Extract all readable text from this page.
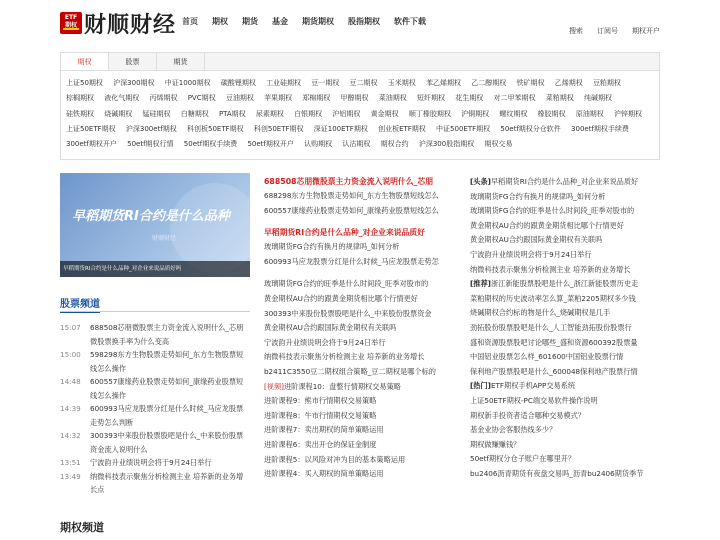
ETF
期权 财顺财经 首页 期权 期货 基金 期货期权 股指期权 软件下载
搜索 订阅号 期权开户
期权	股票	期货
上证50期权 沪深300期权 中证1000期权 碳酸锂期权 工业硅期权 豆一期权 豆二期权 玉米期权 苯乙烯期权 乙二醇期权 铁矿期权 乙烯期权 豆粕期权 棕榈期权 液化气期权 丙烯期权 PVC期权 豆油期权 苹果期权 郑棉期权 甲醇期权 菜油期权 短纤期权 花生期权 对二甲苯期权 菜粕期权 纯碱期权 硅铁期权 烧碱期权 锰硅期权 白糖期权 PTA期权 尿素期权 白银期权 沪铝期权 黄金期权 顺丁橡胶期权 沪铜期权 螺纹期权 橡胶期权 原油期权 沪锌期权 上证50ETF期权 沪深300etf期权 科创板50ETF期权 科创50ETF期权 深证100ETF期权 创业板ETF期权 中证500ETF期权 50etf期权分仓软件 300etf期权手续费 300etf期权开户 50etf期权行情 50etf期权手续费 50etf期权开户 认购期权 认沽期权 期权合约 沪深300股指期权 期权交易
早稻期货RI合约是什么品种
财顺财经
早稻期货RI合约是什么品种_对企业来说品质好吗
股票频道
15:07	688508芯朋微股票主力资金流入说明什么_芯朋微股票换手率为什么变高
15:00	598298东方生物股票走势如何_东方生物股票短线怎么操作
14:48	600557康缘药业股票走势如何_康缘药业股票短线怎么操作
14:39	600993马应龙股票分红是什么时候_马应龙股票走势怎么判断
14:32	300393中来股份股票股吧是什么_中来股份股票资金流入说明什么
13:51	宁波韵升业绩说明会将于9月24日举行
13:49	纳微科技表示聚焦分析检测主业 培养新的业务增长点
期权频道
688508芯朋微股票主力资金流入说明什么_芯朋
688298东方生物股票走势如何_东方生物股票短线怎么
600557康缘药业股票走势如何_康缘药业股票短线怎么
早稻期货RI合约是什么品种_对企业来说品质好
玻璃期货FG合约有换月的规律吗_如何分析
600993马应龙股票分红是什么时候_马应龙股票走势怎
玻璃期货FG合约的旺季是什么时间段_旺季对股市的
黄金期权AU合约的跟黄金期货相比哪个行情更好
300393中来股份股票股吧是什么_中来股份股票资金
黄金期权AU合约跟国际黄金期权有关联吗
宁波韵升业绩说明会将于9月24日举行
纳微科技表示聚焦分析检测主业 培养新的业务增长
b2411C3550豆二期权组合策略_豆二期权是哪个标的
[视频]进阶课程10：盘整行情期权交易策略
进阶课程9：熊市行情期权交易策略
进阶课程8：牛市行情期权交易策略
进阶课程7：卖出期权的简单策略运用
进阶课程6：卖出开仓的保证金制度
进阶课程5：以风险对冲为目的基本策略运用
进阶课程4：买入期权的简单策略运用
[头条]早稻期货RI合约是什么品种_对企业来说品质好
玻璃期货FG合约有换月的规律吗_如何分析
玻璃期货FG合约的旺季是什么时间段_旺季对股市的
黄金期权AU合约的跟黄金期货相比哪个行情更好
黄金期权AU合约跟国际黄金期权有关联吗
宁波韵升业绩说明会将于9月24日举行
纳微科技表示聚焦分析检测主业 培养新的业务增长
[推荐]浙江新能股票股吧是什么_浙江新能股票历史走
菜粕期权的历史波动率怎么算_菜粕2205期权多少钱
烧碱期权合约标的物是什么_烧碱期权是几手
劲拓股份股票股吧是什么_人工智能劲拓股份股票行
盛和资源股票股吧讨论哪些_盛和资源600392股票量
中国铝业股票怎么样_601600中国铝业股票行情
保利地产股票股吧是什么_600048保利地产股票行情
[热门]ETF期权手机APP交易系统
上证50ETF期权-PC端交易软件操作说明
期权新手投资者适合哪种交易模式？
基金业协会客服热线多少？
期权做赚赚钱？
50etf期权分仓子账户在哪里开？
bu2406沥青期货有夜盘交易吗_沥青bu2406期货季节
